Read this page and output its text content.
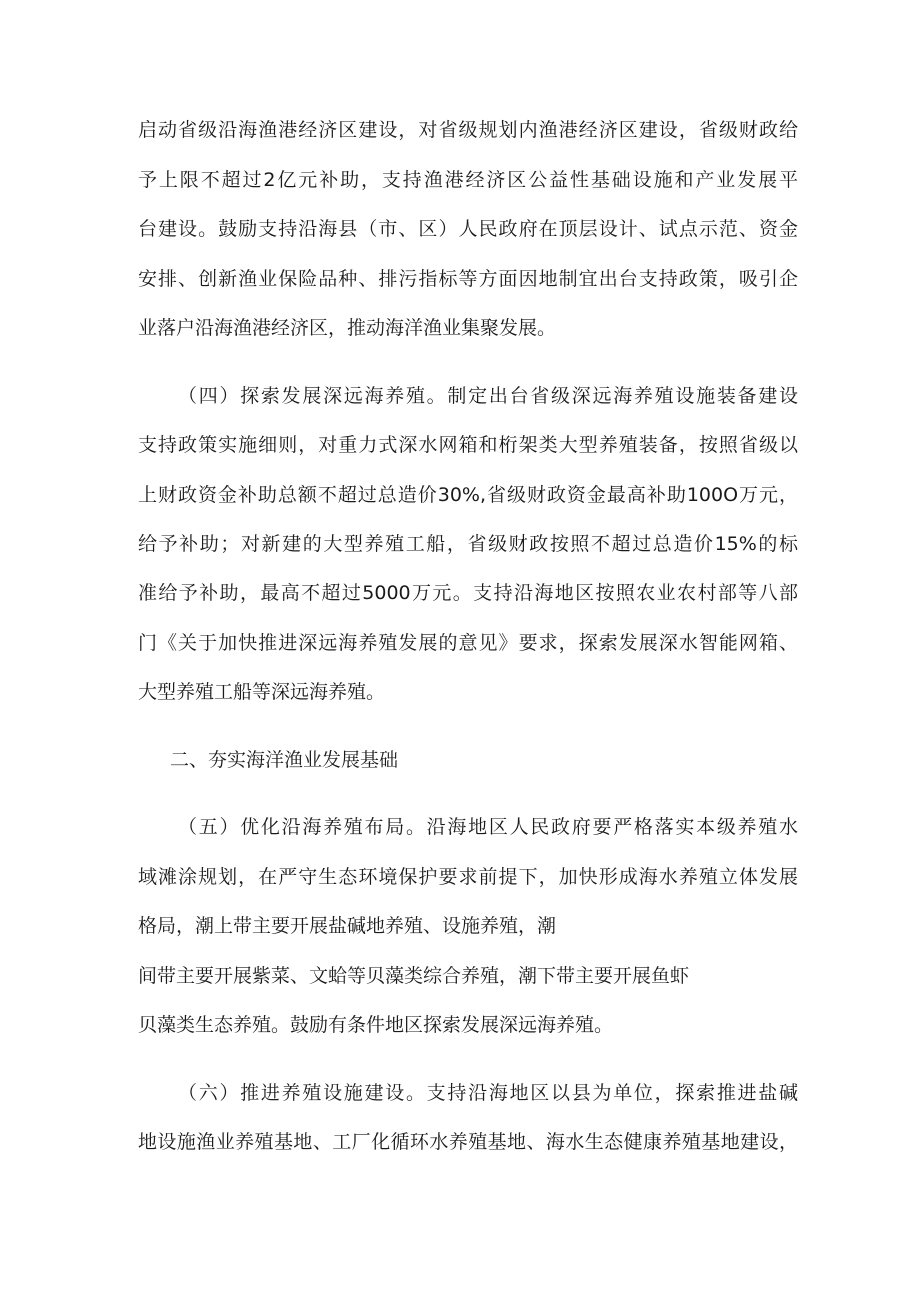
启动省级沿海渔港经济区建设，对省级规划内渔港经济区建设，省级财政给
予上限不超过2亿元补助，支持渔港经济区公益性基础设施和产业发展平
台建设。鼓励支持沿海县（市、区）人民政府在顶层设计、试点示范、资金
安排、创新渔业保险品种、排污指标等方面因地制宜出台支持政策，吸引企
业落户沿海渔港经济区，推动海洋渔业集聚发展。
（四）探索发展深远海养殖。制定出台省级深远海养殖设施装备建设
支持政策实施细则，对重力式深水网箱和桁架类大型养殖装备，按照省级以
上财政资金补助总额不超过总造价30%,省级财政资金最高补助100O万元，
给予补助；对新建的大型养殖工船，省级财政按照不超过总造价15%的标
准给予补助，最高不超过5000万元。支持沿海地区按照农业农村部等八部
门《关于加快推进深远海养殖发展的意见》要求，探索发展深水智能网箱、
大型养殖工船等深远海养殖。
二、夯实海洋渔业发展基础
（五）优化沿海养殖布局。沿海地区人民政府要严格落实本级养殖水
域滩涂规划，在严守生态环境保护要求前提下，加快形成海水养殖立体发展
格局，潮上带主要开展盐碱地养殖、设施养殖，潮
间带主要开展紫菜、文蛤等贝藻类综合养殖，潮下带主要开展鱼虾
贝藻类生态养殖。鼓励有条件地区探索发展深远海养殖。
（六）推进养殖设施建设。支持沿海地区以县为单位，探索推进盐碱
地设施渔业养殖基地、工厂化循环水养殖基地、海水生态健康养殖基地建设，
